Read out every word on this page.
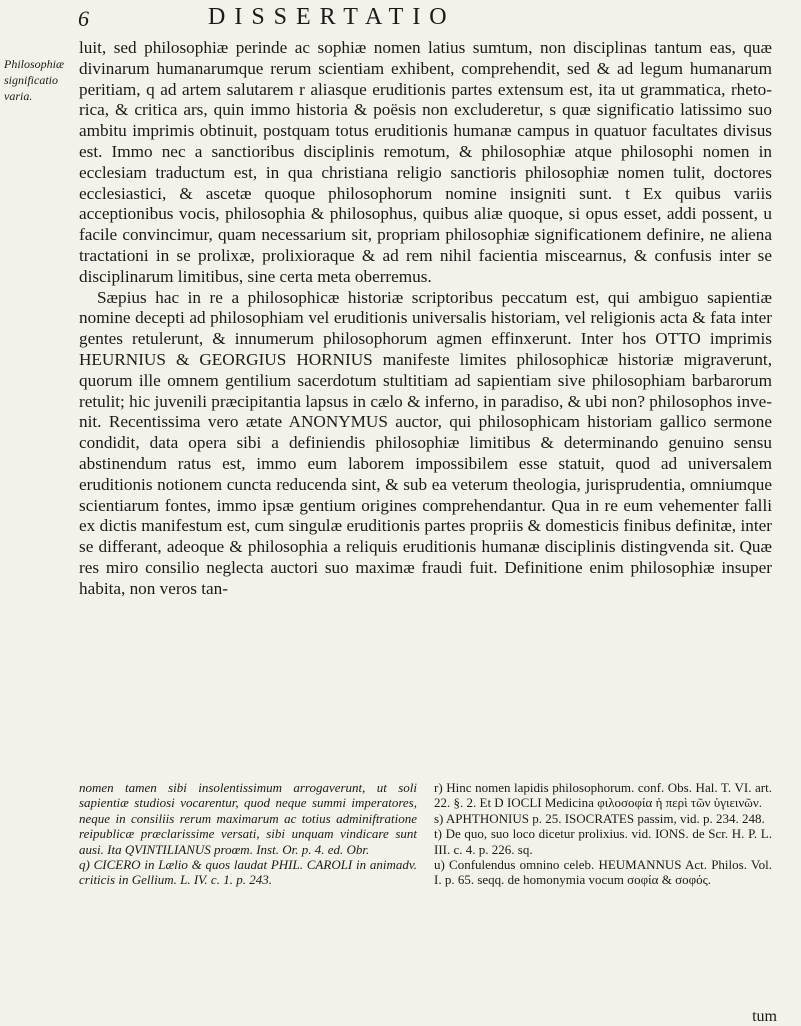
6	DISSERTATIO
Philosophiæ
significatio
varia.

luit, sed philosophiæ perinde ac sophiæ nomen latius sumtum, non disciplinas tantum eas, quæ divinarum humanarumque rerum scientiam exhibent, comprehendit, sed & ad legum humanarum peritiam, q ad artem salutarem r aliasque eruditionis partes extensum est, ita ut grammatica, rhetorica, & critica ars, quin immo historia & poësis non excluderetur, s quæ significatio latissimo suo ambitu imprimis obtinuit, postquam totus eruditionis humanæ campus in quatuor facultates divisus est. Immo nec a sanctioribus disciplinis remotum, & philosophiæ atque philosophi nomen in ecclesiam traductum est, in qua christiana religio sanctioris philosophiæ nomen tulit, doctores ecclesiastici, & ascetæ quoque philosophorum nomine insigniti sunt. t Ex quibus variis acceptionibus vocis, philosophia & philosophus, quibus aliæ quoque, si opus esset, addi possent, u facile convincimur, quam necessarium sit, propriam philosophiæ significationem definire, ne aliena tractationi in se prolixæ, prolixioraque & ad rem nihil facientia miscearnus, & confusis inter se disciplinarum limitibus, sine certa meta oberremus.

Sæpius hac in re a philosophicæ historiæ scriptoribus peccatum est, qui ambiguo sapientiæ nomine decepti ad philosophiam vel eruditionis universalis historiam, vel religionis acta & fata inter gentes retulerunt, & innumerum philosophorum agmen effinxerunt. Inter hos OTTO imprimis HEURNIUS & GEORGIUS HORNIUS manifeste limites philosophicæ historiæ migraverunt, quorum ille omnem gentilium sacerdotum stultitiam ad sapientiam sive philosophiam barbarorum retulit; hic juvenili præcipitantia lapsus in cælo & inferno, in paradiso, & ubi non? philosophos invenit. Recentissima vero ætate ANONYMUS auctor, qui philosophicam historiam gallico sermone condidit, data opera sibi a definiendis philosophiæ limitibus & determinando genuino sensu abstinendum ratus est, immo eum laborem impossibilem esse statuit, quod ad universalem eruditionis notionem cuncta reducenda sint, & sub ea veterum theologia, jurisprudentia, omniumque scientiarum fontes, immo ipsæ gentium origines comprehendantur. Qua in re eum vehementer falli ex dictis manifestum est, cum singulæ eruditionis partes propriis & domesticis finibus definitæ, inter se differant, adeoque & philosophia a reliquis eruditionis humanæ disciplinis distingvenda sit. Quæ res miro consilio neglecta auctori suo maximæ fraudi fuit. Definitione enim philosophiæ insuper habita, non veros tan-

tum

nomen tamen sibi insolentissimum arrogaverunt, ut soli sapientiæ studiosi vocarentur, quod neque summi imperatores, neque in consiliis rerum maximarum ac totius adminiftratione reipublicæ præclarissime versati, sibi unquam vindicare sunt ausi. Ita QVINTILIANUS proœm. Inst. Or. p. 4. ed. Obr.

q) CICERO in Lælio & quos laudat PHIL. CAROLI in animadv. criticis in Gellium. L. IV. c. 1. p. 243.

r) Hinc nomen lapidis philosophorum. conf. Obs. Hal. T. VI. art. 22. §. 2. Et D IOCLI Medicina φιλοσοφία ἡ περὶ τῶν ὑγιεινῶν.

s) APHTHONIUS p. 25. ISOCRATES passim, vid. p. 234. 248.

t) De quo, suo loco dicetur prolixius. vid. IONS. de Scr. H. P. L. III. c. 4. p. 226. sq.

u) Confulendus omnino celeb. HEUMANNUS Act. Philos. Vol. I. p. 65. seqq. de homonymia vocum σοφία & σοφός.
